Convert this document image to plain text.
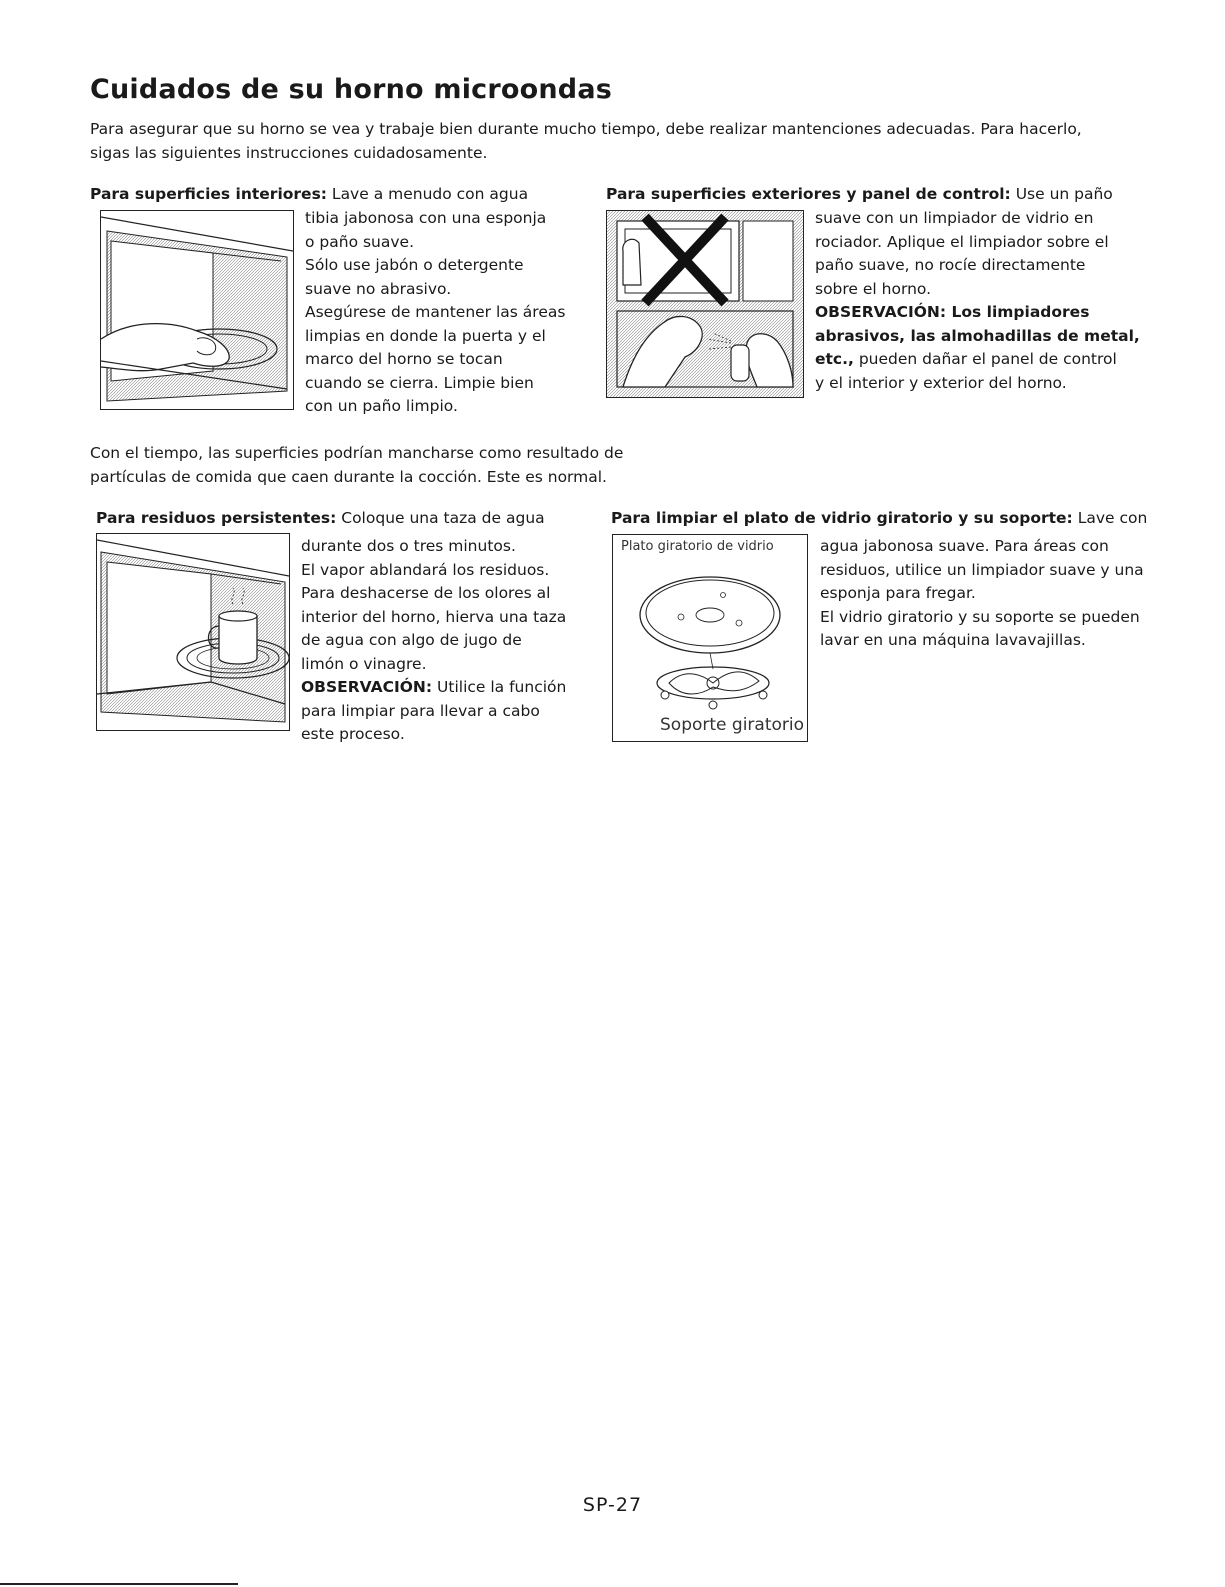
Cuidados de su horno microondas

Para asegurar que su horno se vea y trabaje bien durante mucho tiempo, debe realizar mantenciones adecuadas. Para hacerlo, sigas las siguientes instrucciones cuidadosamente.

Para superficies interiores: Lave a menudo con agua

tibia jabonosa con una esponja

o paño suave.

Sólo use jabón o detergente

suave no abrasivo.

Asegúrese de mantener las áreas

limpias en donde la puerta y el

marco del horno se tocan

cuando se cierra. Limpie bien

con un paño limpio.

Para superficies exteriores y panel de control: Use un paño

suave con un limpiador de vidrio en

rociador. Aplique el limpiador sobre el

paño suave, no rocíe directamente

sobre el horno.

OBSERVACIÓN: Los limpiadores

abrasivos, las almohadillas de metal,

etc., pueden dañar el panel de control

y el interior y exterior del horno.

Con el tiempo, las superficies podrían mancharse como resultado de partículas de comida que caen durante la cocción. Este es normal.

Para residuos persistentes: Coloque una taza de agua

durante dos o tres minutos.

El vapor ablandará los residuos.

Para deshacerse de los olores al

interior del horno, hierva una taza

de agua con algo de jugo de

limón o vinagre.

OBSERVACIÓN: Utilice la función

para limpiar para llevar a cabo

este proceso.

Para limpiar el plato de vidrio giratorio y su soporte: Lave con
Plato giratorio de vidrio
Soporte giratorio

agua jabonosa suave. Para áreas con

residuos, utilice un limpiador suave y una

esponja para fregar.

El vidrio giratorio y su soporte se pueden

lavar en una máquina lavavajillas.

SP-27
